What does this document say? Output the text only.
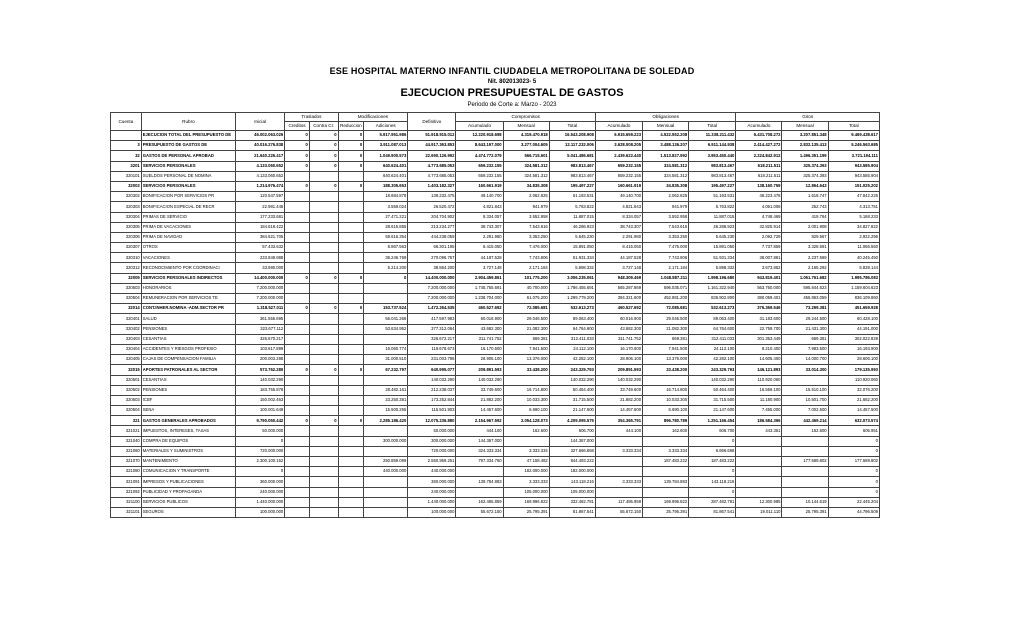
ESE HOSPITAL MATERNO INFANTIL CIUDADELA METROPOLITANA DE SOLEDAD
Nit. 802013023- 5
EJECUCION PRESUPUESTAL DE GASTOS
Periodo de Corte a: Marzo - 2023
Cuenta	Rubro	Inicial	Traslados		Modificaciones		Definitivo	Compromisos			Obligaciones			Giros		
			Creditos	Contra Cr.	Reduccion	Adiciones		Acumulado	Mensual	Total	Acumulado	Mensual	Total	Acumulado	Mensual	Total
	EJECUCION TOTAL DEL PRESUPUESTO DE	46.002.063.026	0	0	0	5.917.951.986	51.918.915.012	12.220.918.698	4.319.470.918	16.543.208.908	6.915.659.223	4.522.552.208	11.338.211.432	6.431.708.272	3.207.851.348	9.469.438.617
3	PRESUPUESTO DE GASTOS DE	40.016.276.838	0	0	0	3.911.087.013	44.917.363.853	8.643.197.000	3.277.004.605	12.117.232.006	3.628.008.205	3.488.136.207	6.911.144.938	2.414.427.272	2.832.135.413	5.246.563.685
32	GASTOS DE PERSONAL APROBAD	21.640.226.417	0	0	0	1.049.900.573	22.690.126.992	4.474.772.079	566.715.601	5.041.486.681	2.439.622.440	1.513.827.992	3.953.450.440	2.224.842.912	1.496.351.199	3.721.194.111
3201	SERVICIOS PERSONALES	4.133.060.652	0	0	0	640.624.401	4.773.685.053	659.232.155	324.581.312	983.813.467	659.232.155	324.581.312	983.813.467	618.211.511	325.374.393	943.585.904
320101	SUELDOS PERSONAL DE NOMINA	4.133.060.652				640.624.401	4.773.685.053	659.232.155	324.581.312	983.813.467	659.232.155	324.581.312	983.813.467	618.211.511	325.374.393	943.585.904
32003	SERVICIOS PERSONALES	1.214.976.474	0	0	0	188.305.653	1.403.182.327	160.661.919	34.835.308	195.497.227	160.661.919	34.835.308	195.497.227	138.160.759	12.864.643	151.025.202
320302	BONIFICACION POR SERVICIOS PR	120.547.597				18.684.878	139.232.475	49.140.700	2.062.825	51.193.531	49.140.700	2.062.825	51.193.531	46.223.478	1.618.747	47.842.225
320303	BONIFICACION ESPECIAL DE RECR	22.981.448				3.559.024	26.520.472	4.821.843	941.979	5.763.822	4.821.843	941.979	5.763.822	4.061.008	252.743	4.313.751
320304	PRIMAS DE SERVICIO	177.233.681				27.471.221	204.704.902	8.334.057	3.552.958	11.887.015	8.334.057	3.552.958	11.887.015	4.748.469	419.764	5.168.233
320305	PRIMA DE VACACIONES	184.618.422				28.615.855	213.234.277	38.743.307	7.543.616	46.286.923	38.743.307	7.543.616	46.286.923	32.825.914	2.001.908	34.827.822
320306	PRIMA DE NAVIDAD	384.621.705				59.616.354	444.238.059	2.291.980	3.353.250	5.645.230	2.291.980	3.353.250	5.645.230	2.092.729	829.567	2.922.296
320307	OTROS	57.433.632				8.867.563	66.301.195	8.415.050	7.476.000	15.891.050	8.415.050	7.476.000	15.891.050	7.737.859	3.328.691	11.066.550
320310	VACACIONES	233.849.988				36.246.769	270.096.757	44.187.528	7.743.806	51.931.334	44.187.528	7.743.806	51.931.334	38.007.881	2.237.569	40.245.450
320312	RECONOCIMIENTO POR COORDINACI	33.690.000				5.214.200	38.864.200	3.727.148	2.171.184	5.898.332	3.727.148	2.171.184	5.898.332	3.673.852	2.165.292	5.839.144
32005	SERVICIOS PERSONALES INDIRECTOS	14.400.000.000	0	0	0	0	14.400.000.000	2.904.459.861	101.775.200	3.006.235.061	948.309.469	1.048.887.211	1.998.196.680	943.819.401	1.051.761.682	1.995.786.083
320503	HONORARIOS	7.200.000.000					7.200.000.000	1.745.755.691	40.700.000	1.786.455.691	565.287.869	596.035.071	1.161.322.940	563.760.000	595.844.623	1.159.604.623
320504	REMUNERACION POR SERVICIOS TE	7.200.000.000					7.200.000.000	1.238.704.000	61.075.200	1.299.779.200	384.321.600	452.881.200	836.902.800	380.059.401	455.863.059	836.109.860
32014	CONT.INHER.NOMINA -ADM.SECTOR PR	1.318.527.011	0	0	0	153.737.524	1.472.264.535	460.527.692	72.085.681	532.613.273	460.527.692	72.085.681	532.613.273	376.359.546	73.299.381	451.659.928
320401	SALUD	361.556.695				56.041.266	417.597.983	60.016.900	29.046.500	89.063.400	60.016.900	29.046.500	89.063.400	31.183.600	29.244.500	60.428.100
320402	PENSIONES	323.677.112				53.634.952	377.312.064	43.682.300	21.082.300	64.764.600	43.682.300	21.082.300	64.764.600	22.759.700	21.431.300	44.191.000
320403	CESANTIAS	326.670.217					326.672.217	311.741.752	669.381	312.411.033	311.741.752	669.381	312.411.033	301.353.449	669.381	302.022.829
320404	ACCIDENTES Y RIESGOS PROFESIO	103.617.899				16.060.774	119.678.673	16.170.600	7.941.500	24.112.100	16.170.600	7.941.500	24.112.100	8.210.400	7.983.500	16.193.900
320405	CAJAS DE COMPENSACION FAMILIA	200.003.288				31.000.510	231.003.798	28.906.100	13.376.000	42.282.100	28.906.100	13.376.000	42.282.100	14.605.400	14.000.700	28.606.100
32015	APORTES PATRONALES AL SECTOR	573.762.280	0	0	0	67.232.797	640.995.077	209.891.593	33.438.200	243.329.793	209.891.593	33.438.200	243.329.793	146.121.893	33.014.300	179.135.993
320501	CESANTIAS	140.032.290					140.032.290	140.032.290		140.032.290	140.032.290		140.032.290	110.920.060		110.920.060
320502	PENSIONES	183.755.878				28.482.161	212.238.037	33.749.600	16.714.800	50.464.400	33.749.600	16.714.800	50.464.400	16.556.100	15.510.100	32.076.200
320503	ICBF	150.002.463				23.250.381	173.252.844	21.882.200	10.033.300	31.715.500	21.882.200	10.033.300	31.715.500	11.180.900	10.501.700	21.682.200
320504	SENA	100.001.649				15.500.255	115.501.903	14.457.600	6.690.100	21.147.600	14.457.600	6.690.100	21.147.600	7.455.000	7.002.500	14.457.500
321	GASTOS GENERALES APROBADOS	9.790.050.442	0	0	0	2.285.186.420	12.075.236.880	2.154.967.592	2.054.128.073	4.209.095.575	354.365.791	896.780.789	1.251.166.454	186.584.366	442.469.214	632.073.574
321021	IMPUESTOS, INTERESES, TASAS	50.000.000					50.000.000	444.100	162.600	606.700	444.100	162.600	606.700	443.351	162.600	605.951
321040	COMPRA DE EQUIPOS	0				300.000.000	300.000.000	144.367.000		144.367.000			0			0
321060	MATERIALES Y SUMINISTROS	720.000.000					720.000.000	324.333.334	3.333.334	327.666.668	3.333.334	3.333.334	6.666.668			0
321070	MANTENIMIENTO	2.300.100.152				250.859.099	2.550.959.251	797.334.760	47.158.482	844.493.222		187.483.222	187.483.222		177.589.802	177.589.802
321080	COMUNICACION Y TRANSPORTE	0				440.000.000	440.000.000		182.000.000	182.000.000			0			0
321091	IMPRESOS Y PUBLICACIONES	360.000.000					360.000.000	139.784.883	3.333.333	143.118.216	3.333.333	139.784.883	143.118.216			0
321092	PUBLICIDAD Y PROPAGANDA	240.000.000					240.000.000		105.000.000	105.000.000			0			0
321100	SERVICIOS PUBLICOS	1.440.000.000					1.440.000.000	162.485.859	169.996.822	332.482.781	117.485.959	169.996.822	287.482.781	12.300.985	10.144.619	22.445.204
321101	SEGUROS	100.000.000					100.000.000	55.672.150	25.795.391	81.867.541	55.672.150	25.795.391	81.867.541	19.011.110	25.795.391	44.796.509
